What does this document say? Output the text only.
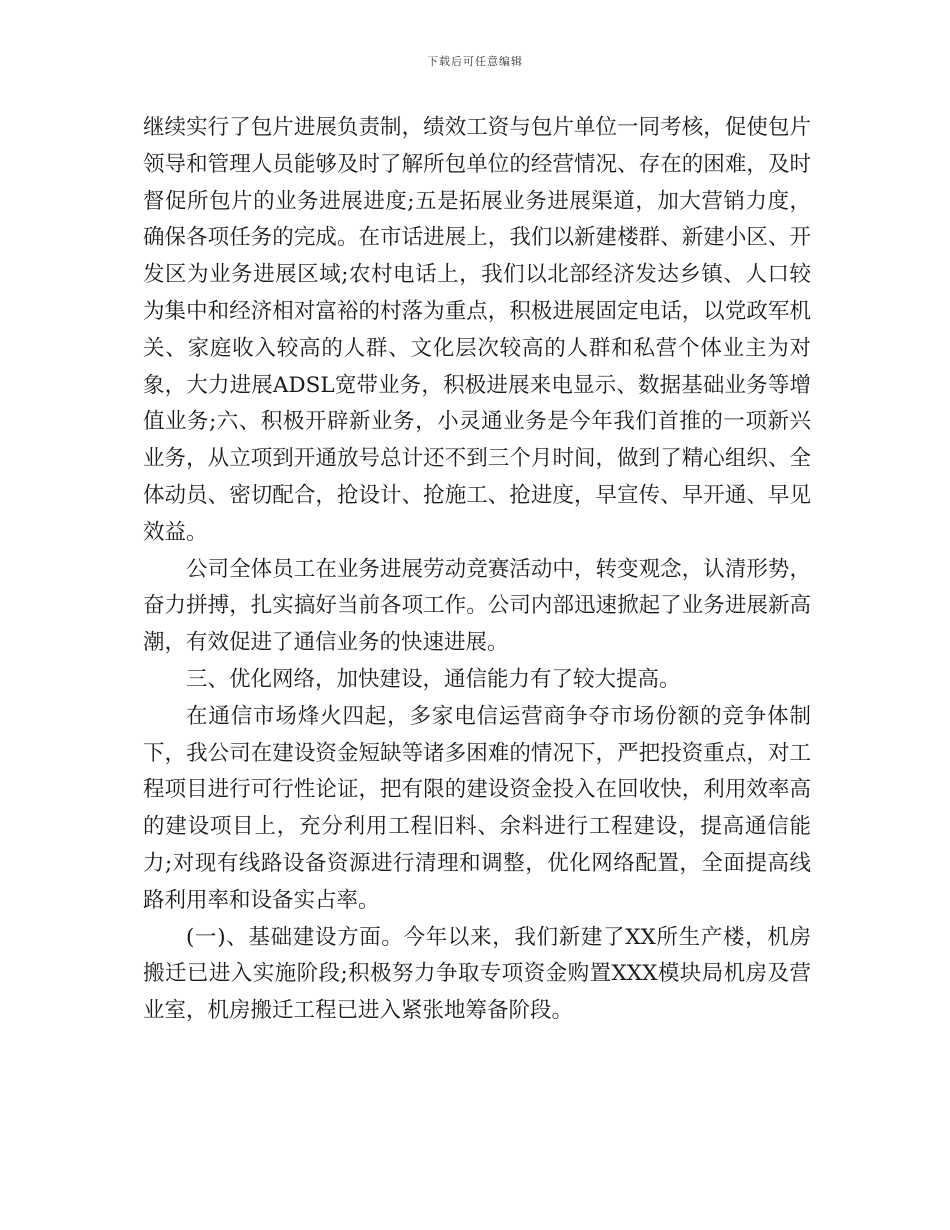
下载后可任意编辑

继续实行了包片进展负责制，绩效工资与包片单位一同考核，促使包片领导和管理人员能够及时了解所包单位的经营情况、存在的困难，及时督促所包片的业务进展进度;五是拓展业务进展渠道，加大营销力度，确保各项任务的完成。在市话进展上，我们以新建楼群、新建小区、开发区为业务进展区域;农村电话上，我们以北部经济发达乡镇、人口较为集中和经济相对富裕的村落为重点，积极进展固定电话，以党政军机关、家庭收入较高的人群、文化层次较高的人群和私营个体业主为对象，大力进展ADSL宽带业务，积极进展来电显示、数据基础业务等增值业务;六、积极开辟新业务，小灵通业务是今年我们首推的一项新兴业务，从立项到开通放号总计还不到三个月时间，做到了精心组织、全体动员、密切配合，抢设计、抢施工、抢进度，早宣传、早开通、早见效益。

公司全体员工在业务进展劳动竞赛活动中，转变观念，认清形势，奋力拼搏，扎实搞好当前各项工作。公司内部迅速掀起了业务进展新高潮，有效促进了通信业务的快速进展。

三、优化网络，加快建设，通信能力有了较大提高。

在通信市场烽火四起，多家电信运营商争夺市场份额的竞争体制下，我公司在建设资金短缺等诸多困难的情况下，严把投资重点，对工程项目进行可行性论证，把有限的建设资金投入在回收快，利用效率高的建设项目上，充分利用工程旧料、余料进行工程建设，提高通信能力;对现有线路设备资源进行清理和调整，优化网络配置，全面提高线路利用率和设备实占率。

(一)、基础建设方面。今年以来，我们新建了XX所生产楼，机房搬迁已进入实施阶段;积极努力争取专项资金购置XXX模块局机房及营业室，机房搬迁工程已进入紧张地筹备阶段。
